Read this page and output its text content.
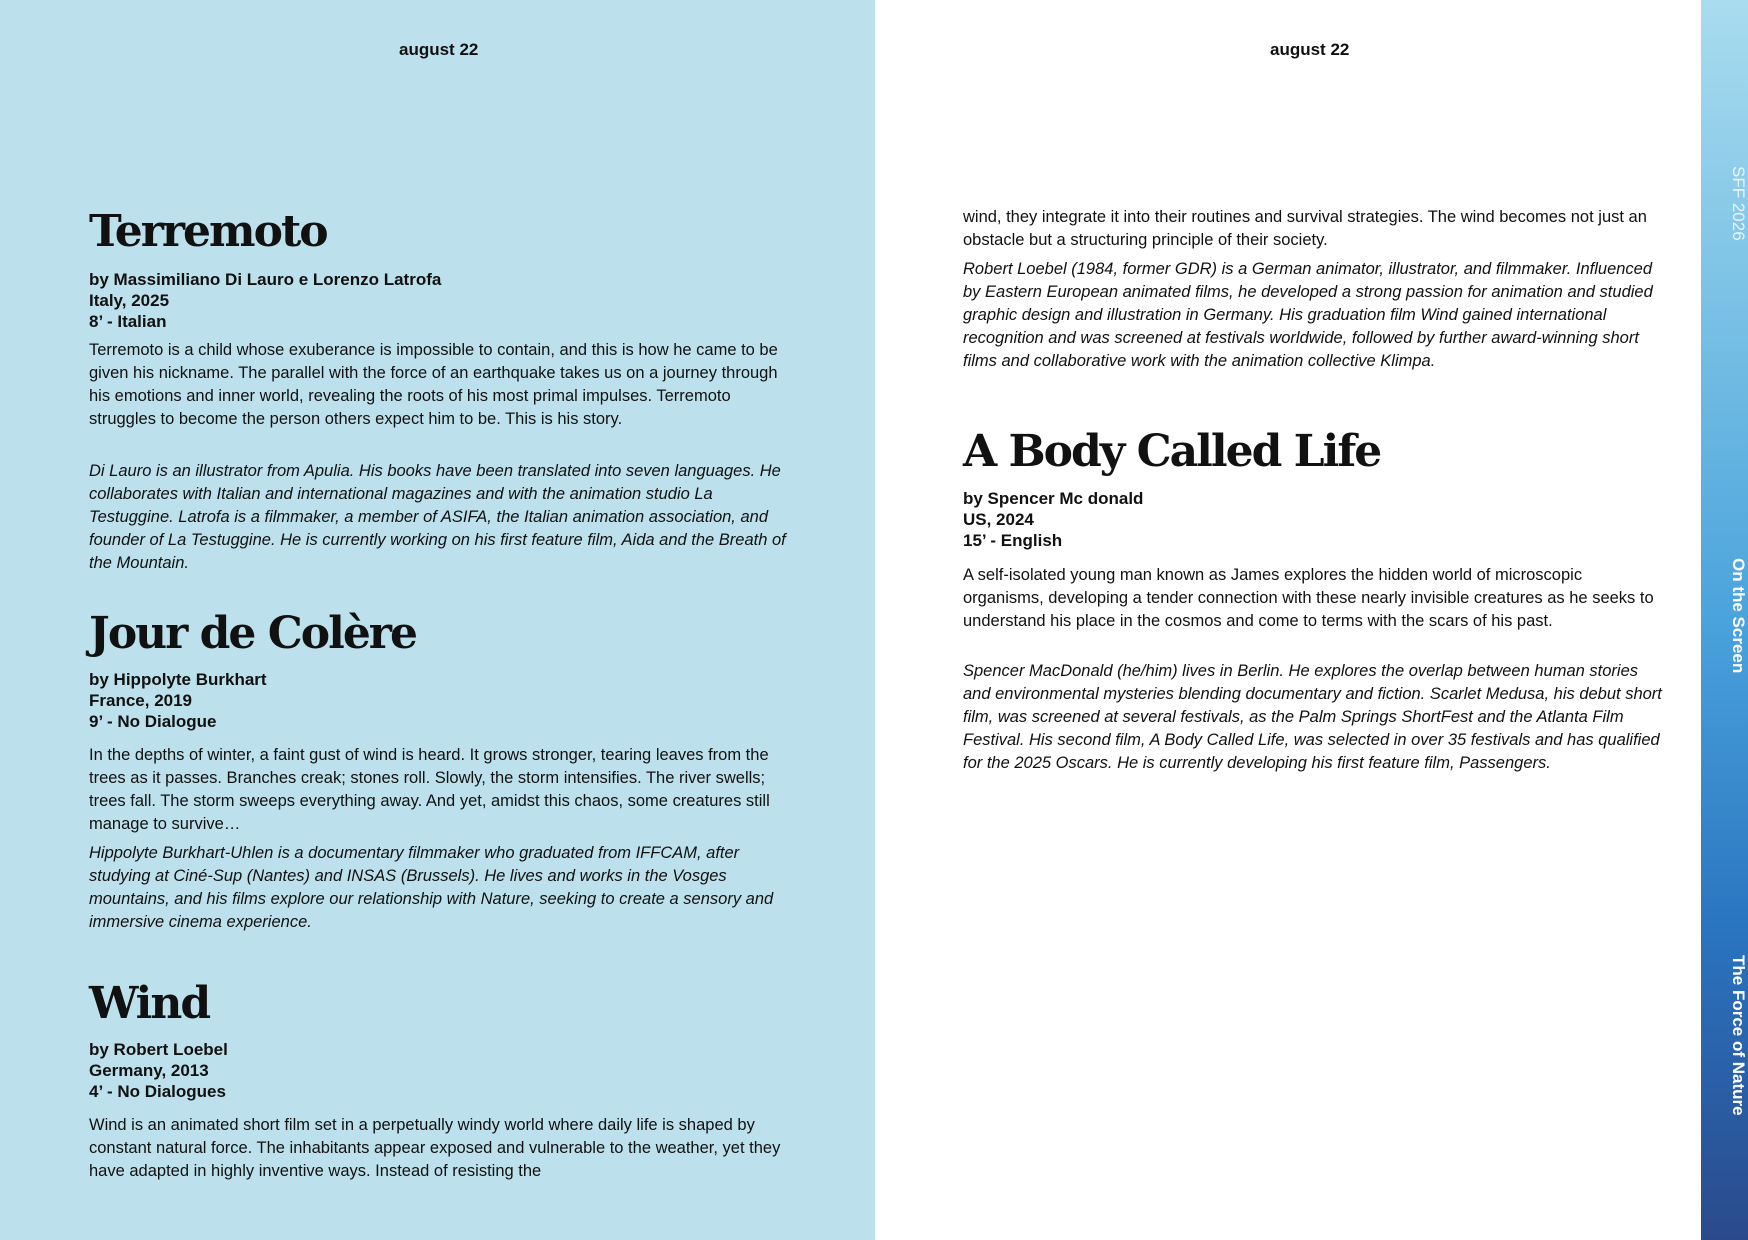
august 22
Terremoto
by Massimiliano Di Lauro e Lorenzo Latrofa
Italy, 2025
8’ - Italian

Terremoto is a child whose exuberance is impossible to contain, and this is how he came to be given his nickname. The parallel with the force of an earthquake takes us on a journey through his emotions and inner world, revealing the roots of his most primal impulses. Terremoto struggles to become the person others expect him to be. This is his story.

Di Lauro is an illustrator from Apulia. His books have been translated into seven languages. He collaborates with Italian and international magazines and with the animation studio La Testuggine. Latrofa is a filmmaker, a member of ASIFA, the Italian animation association, and founder of La Testuggine. He is currently working on his first feature film, Aida and the Breath of the Mountain.

Jour de Colère
by Hippolyte Burkhart
France, 2019
9’ - No Dialogue

In the depths of winter, a faint gust of wind is heard. It grows stronger, tearing leaves from the trees as it passes. Branches creak; stones roll. Slowly, the storm intensifies. The river swells; trees fall. The storm sweeps everything away. And yet, amidst this chaos, some creatures still manage to survive…

Hippolyte Burkhart-Uhlen is a documentary filmmaker who graduated from IFFCAM, after studying at Ciné-Sup (Nantes) and INSAS (Brussels). He lives and works in the Vosges mountains, and his films explore our relationship with Nature, seeking to create a sensory and immersive cinema experience.

Wind
by Robert Loebel
Germany, 2013
4’ - No Dialogues

Wind is an animated short film set in a perpetually windy world where daily life is shaped by constant natural force. The inhabitants appear exposed and vulnerable to the weather, yet they have adapted in highly inventive ways. Instead of resisting the

august 22

wind, they integrate it into their routines and survival strategies. The wind becomes not just an obstacle but a structuring principle of their society.

Robert Loebel (1984, former GDR) is a German animator, illustrator, and filmmaker. Influenced by Eastern European animated films, he developed a strong passion for animation and studied graphic design and illustration in Germany. His graduation film Wind gained international recognition and was screened at festivals worldwide, followed by further award-winning short films and collaborative work with the animation collective Klimpa.

A Body Called Life
by Spencer Mc donald
US, 2024
15’ - English

A self-isolated young man known as James explores the hidden world of microscopic organisms, developing a tender connection with these nearly invisible creatures as he seeks to understand his place in the cosmos and come to terms with the scars of his past.

Spencer MacDonald (he/him) lives in Berlin. He explores the overlap between human stories and environmental mysteries blending documentary and fiction. Scarlet Medusa, his debut short film, was screened at several festivals, as the Palm Springs ShortFest and the Atlanta Film Festival. His second film, A Body Called Life, was selected in over 35 festivals and has qualified for the 2025 Oscars. He is currently developing his first feature film, Passengers.

SFF 2026
On the Screen
The Force of Nature
